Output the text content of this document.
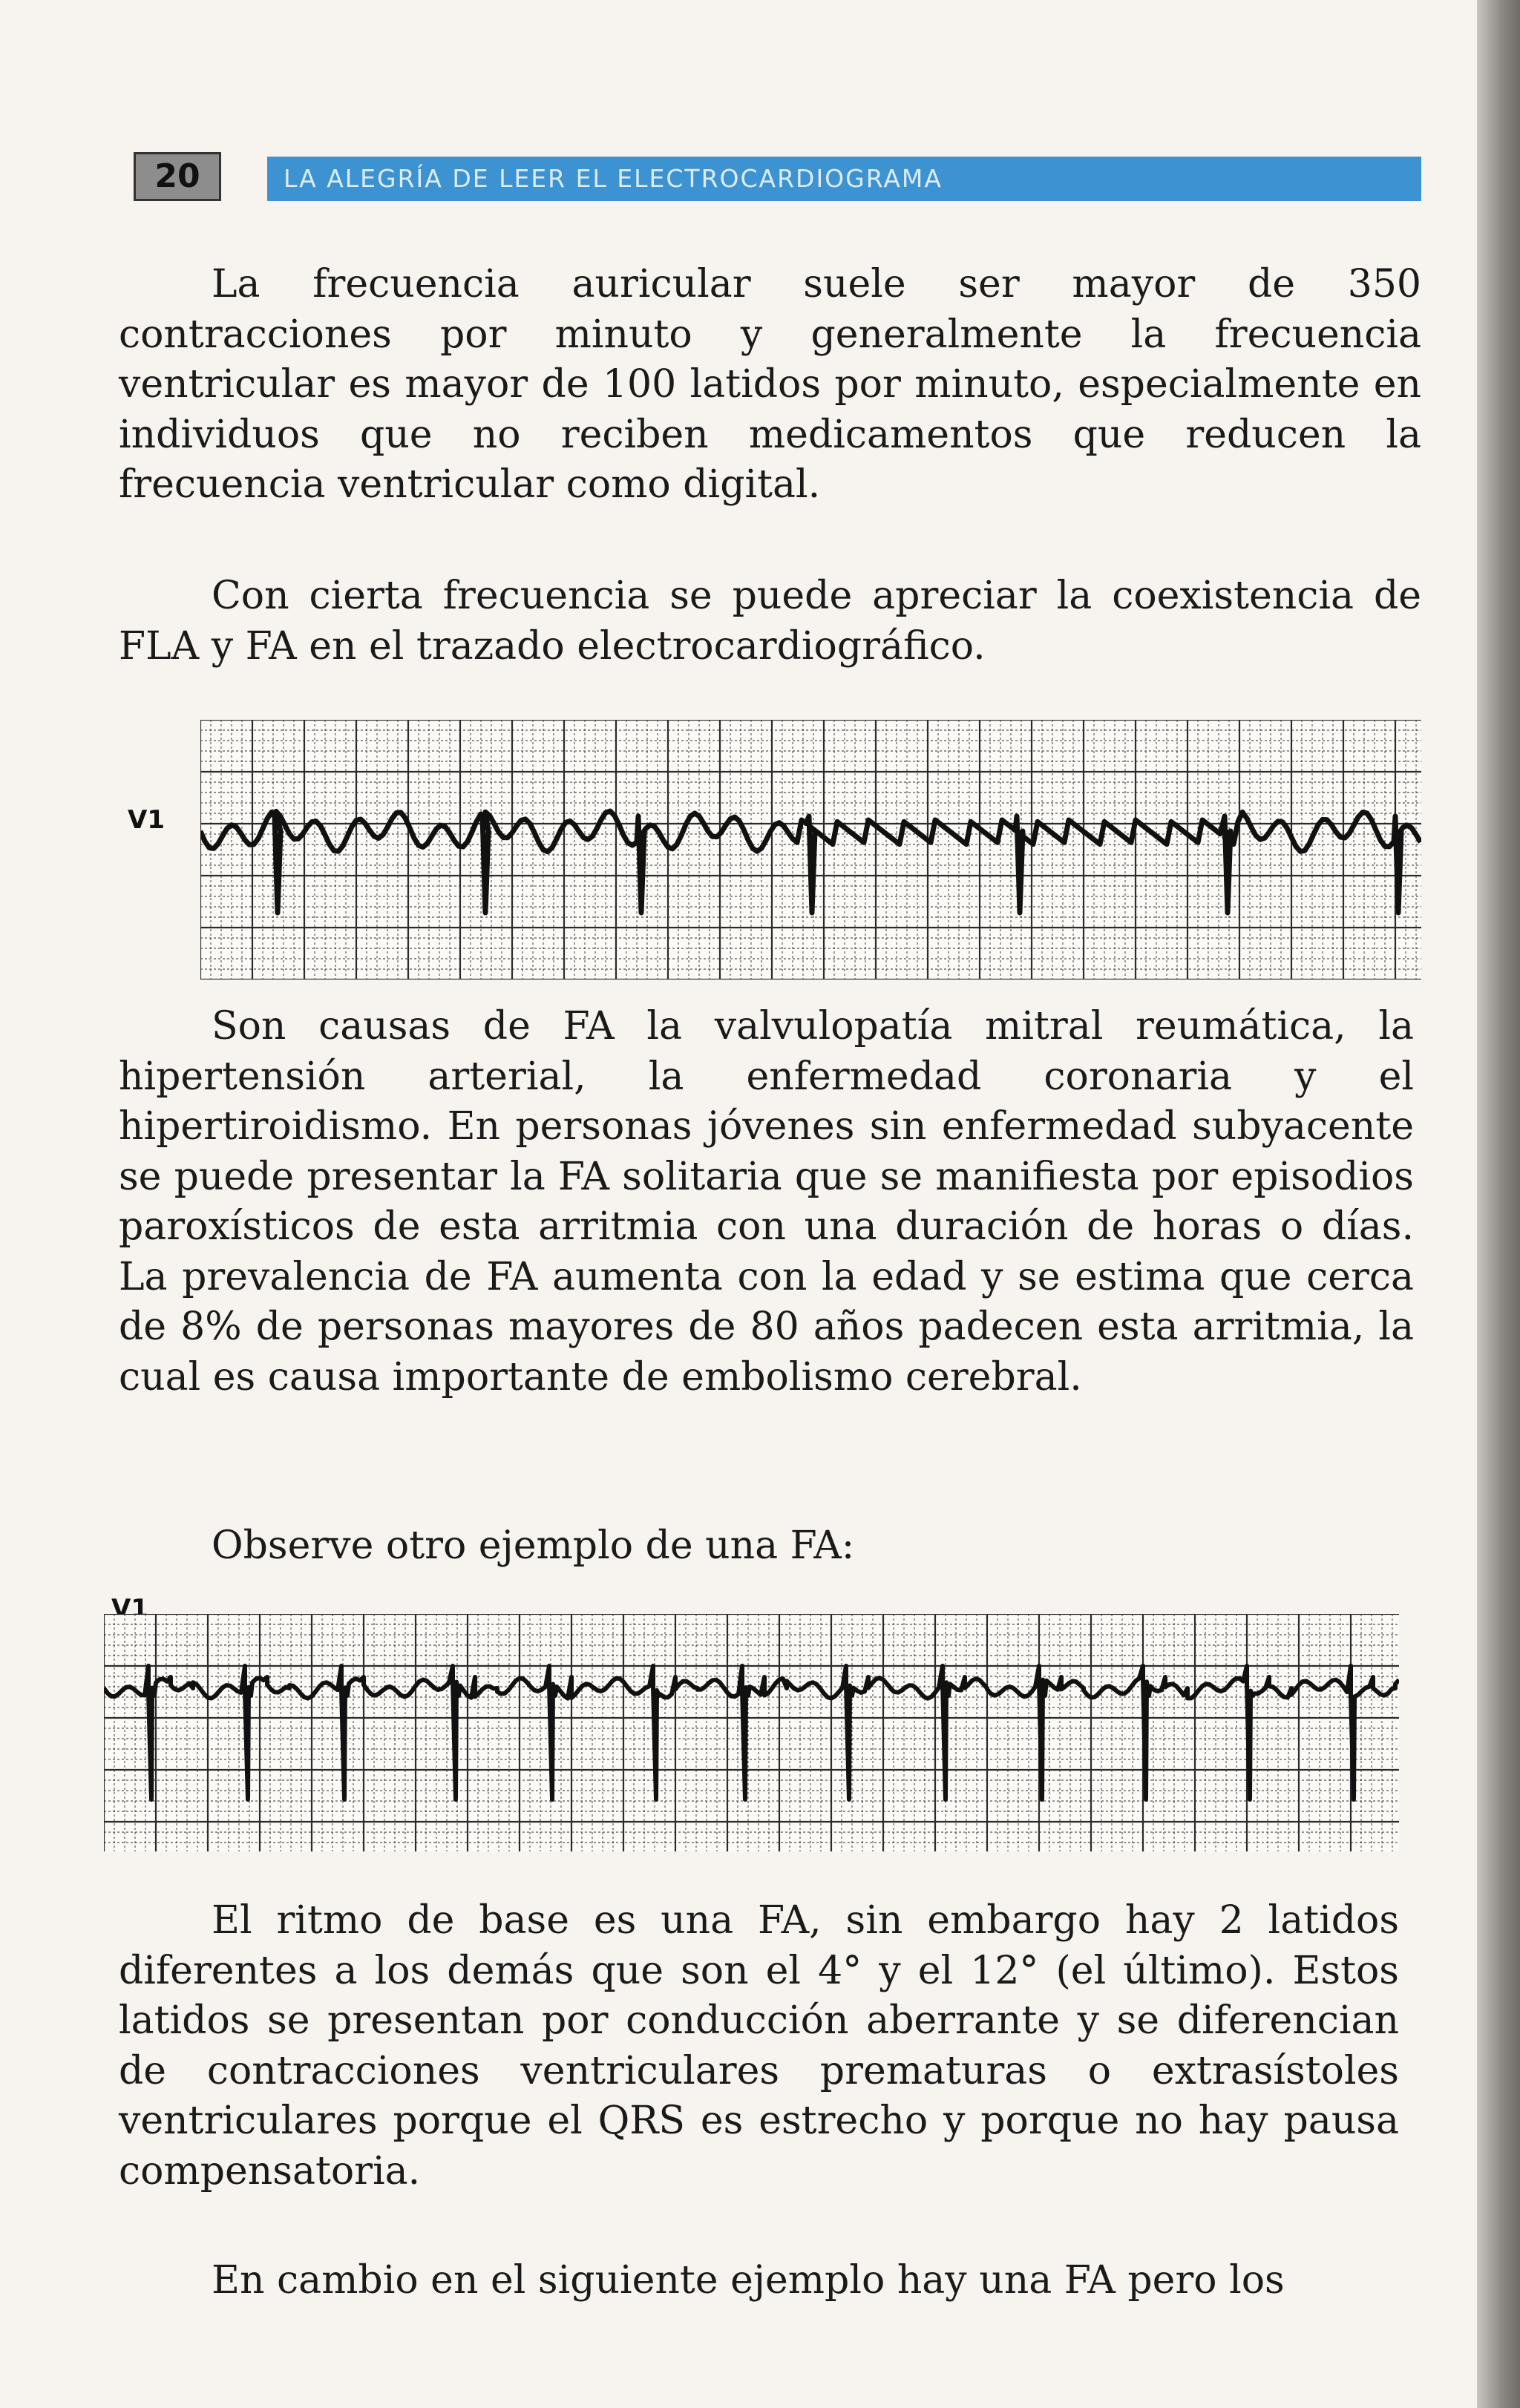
20	LA ALEGRÍA DE LEER EL ELECTROCARDIOGRAMA

La frecuencia auricular suele ser mayor de 350 contracciones por minuto y generalmente la frecuencia ventricular es mayor de 100 latidos por minuto, especialmente en individuos que no reciben medicamentos que reducen la frecuencia ventricular como digital.

Con cierta frecuencia se puede apreciar la coexistencia de FLA y FA en el trazado electrocardiográfico.

V1

Son causas de FA la valvulopatía mitral reumática, la hipertensión arterial, la enfermedad coronaria y el hipertiroidismo. En personas jóvenes sin enfermedad subyacente se puede presentar la FA solitaria que se manifiesta por episodios paroxísticos de esta arritmia con una duración de horas o días. La prevalencia de FA aumenta con la edad y se estima que cerca de 8% de personas mayores de 80 años padecen esta arritmia, la cual es causa importante de embolismo cerebral.

Observe otro ejemplo de una FA:

V1

El ritmo de base es una FA, sin embargo hay 2 latidos diferentes a los demás que son el 4° y el 12° (el último). Estos latidos se presentan por conducción aberrante y se diferencian de contracciones ventriculares prematuras o extrasístoles ventriculares porque el QRS es estrecho y porque no hay pausa compensatoria.

En cambio en el siguiente ejemplo hay una FA pero los
